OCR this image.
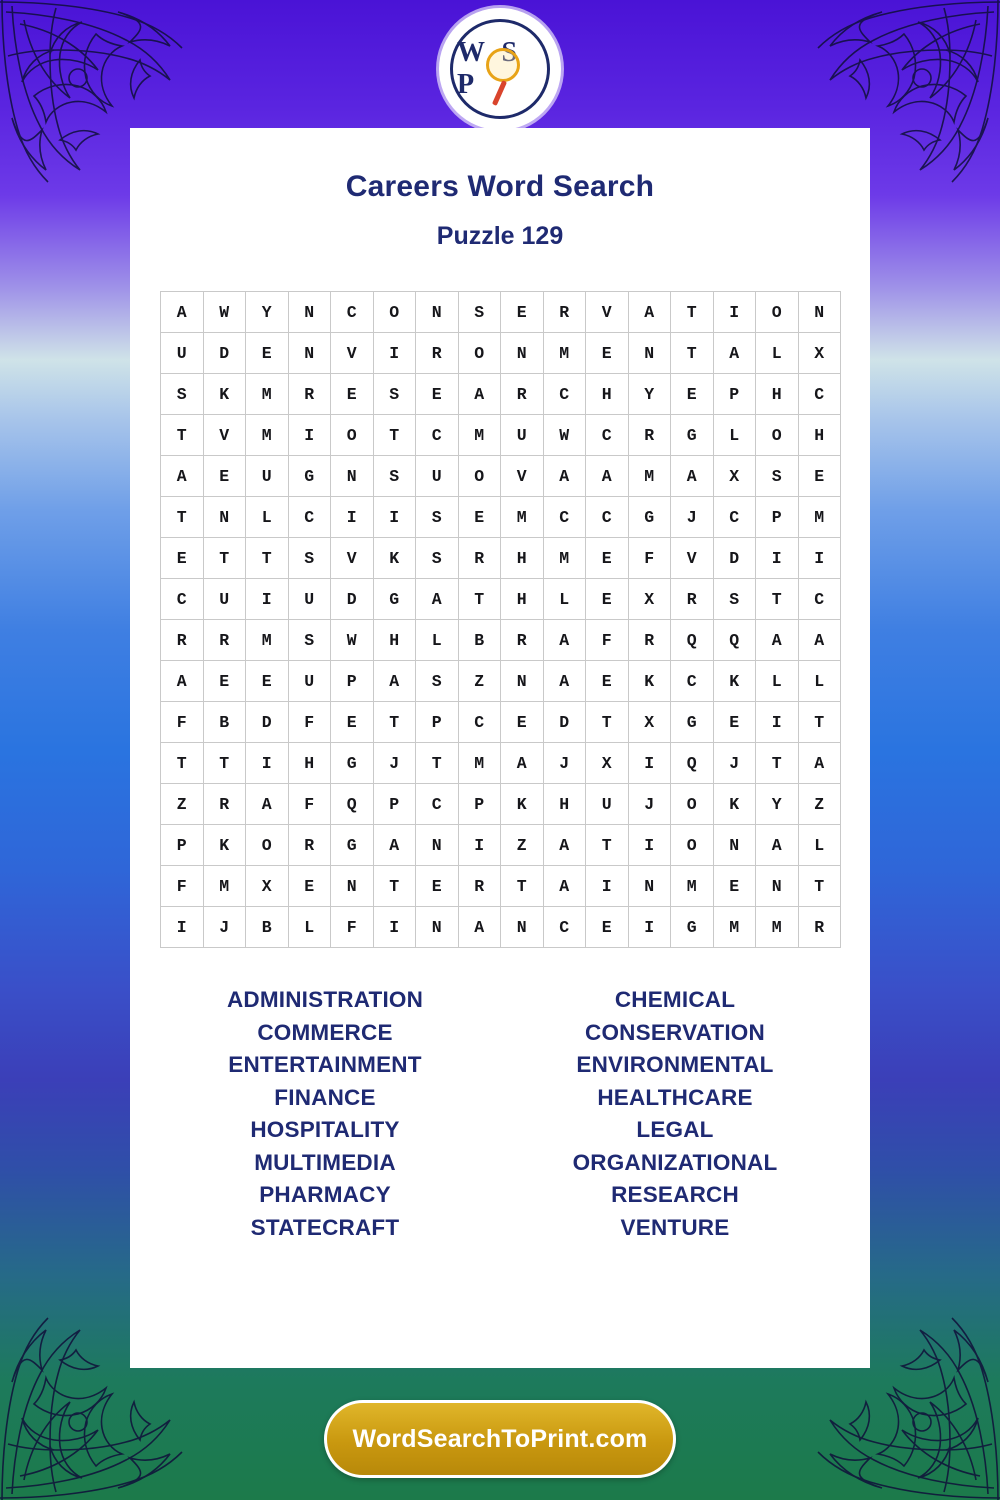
W S P
Careers Word Search
Puzzle 129
A	W	Y	N	C	O	N	S	E	R	V	A	T	I	O	N
U	D	E	N	V	I	R	O	N	M	E	N	T	A	L	X
S	K	M	R	E	S	E	A	R	C	H	Y	E	P	H	C
T	V	M	I	O	T	C	M	U	W	C	R	G	L	O	H
A	E	U	G	N	S	U	O	V	A	A	M	A	X	S	E
T	N	L	C	I	I	S	E	M	C	C	G	J	C	P	M
E	T	T	S	V	K	S	R	H	M	E	F	V	D	I	I
C	U	I	U	D	G	A	T	H	L	E	X	R	S	T	C
R	R	M	S	W	H	L	B	R	A	F	R	Q	Q	A	A
A	E	E	U	P	A	S	Z	N	A	E	K	C	K	L	L
F	B	D	F	E	T	P	C	E	D	T	X	G	E	I	T
T	T	I	H	G	J	T	M	A	J	X	I	Q	J	T	A
Z	R	A	F	Q	P	C	P	K	H	U	J	O	K	Y	Z
P	K	O	R	G	A	N	I	Z	A	T	I	O	N	A	L
F	M	X	E	N	T	E	R	T	A	I	N	M	E	N	T
I	J	B	L	F	I	N	A	N	C	E	I	G	M	M	R
ADMINISTRATION
COMMERCE
ENTERTAINMENT
FINANCE
HOSPITALITY
MULTIMEDIA
PHARMACY
STATECRAFT
CHEMICAL
CONSERVATION
ENVIRONMENTAL
HEALTHCARE
LEGAL
ORGANIZATIONAL
RESEARCH
VENTURE
WordSearchToPrint.com
